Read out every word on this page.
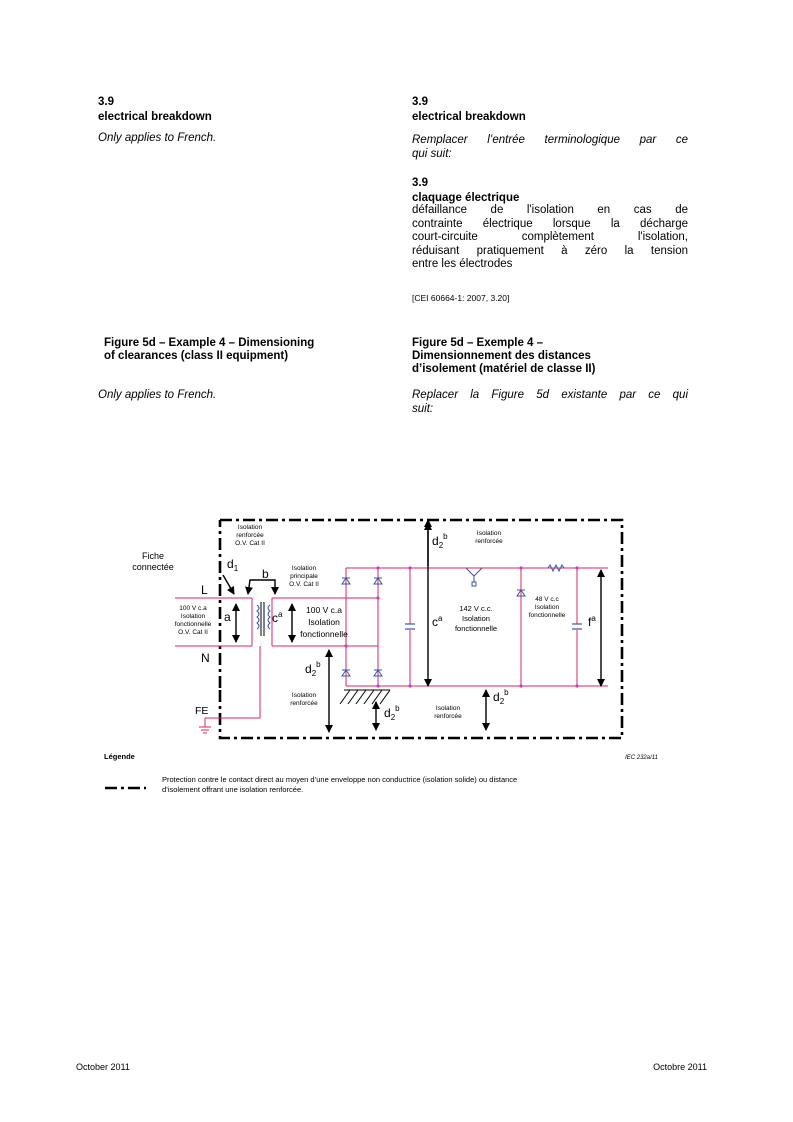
3.9
electrical breakdown
Only applies to French.
Figure 5d – Example 4 – Dimensioning
of clearances (class II equipment)
Only applies to French.
3.9
electrical breakdown
Remplacer l’entrée terminologique par ce
qui suit:
3.9
claquage électrique
défaillance de l'isolation en cas de
contrainte électrique lorsque la décharge
court-circuite complètement l'isolation,
réduisant pratiquement à zéro la tension
entre les électrodes
[CEI 60664-1: 2007, 3.20]
Figure 5d – Exemple 4 –
Dimensionnement des distances
d’isolement (matériel de classe II)
Replacer la Figure 5d existante par ce qui
suit:
Fiche
connectée
L
N
FE
$d_1$ b
a	$c^a$
$c^a$	$f^a$
$d_2^b$
$d_2^b$
$d_2^b$
$d_2^b$
Isolation
renforcée
O.V. Cat II
Isolation
principale
O.V. Cat II
100 V c.a
Isolation
fonctionnelle
O.V. Cat II
100 V c.a
Isolation
fonctionnelle
142 V c.c.
Isolation
fonctionnelle
48 V c.c
Isolation
fonctionnelle
Isolation
renforcée
Isolation
renforcée
Isolation
renforcée
Légende	IEC 232a/11
Protection contre le contact direct au moyen d’une enveloppe non conductrice (isolation solide) ou distance
d’isolement offrant une isolation renforcée.
October 2011	Octobre 2011
